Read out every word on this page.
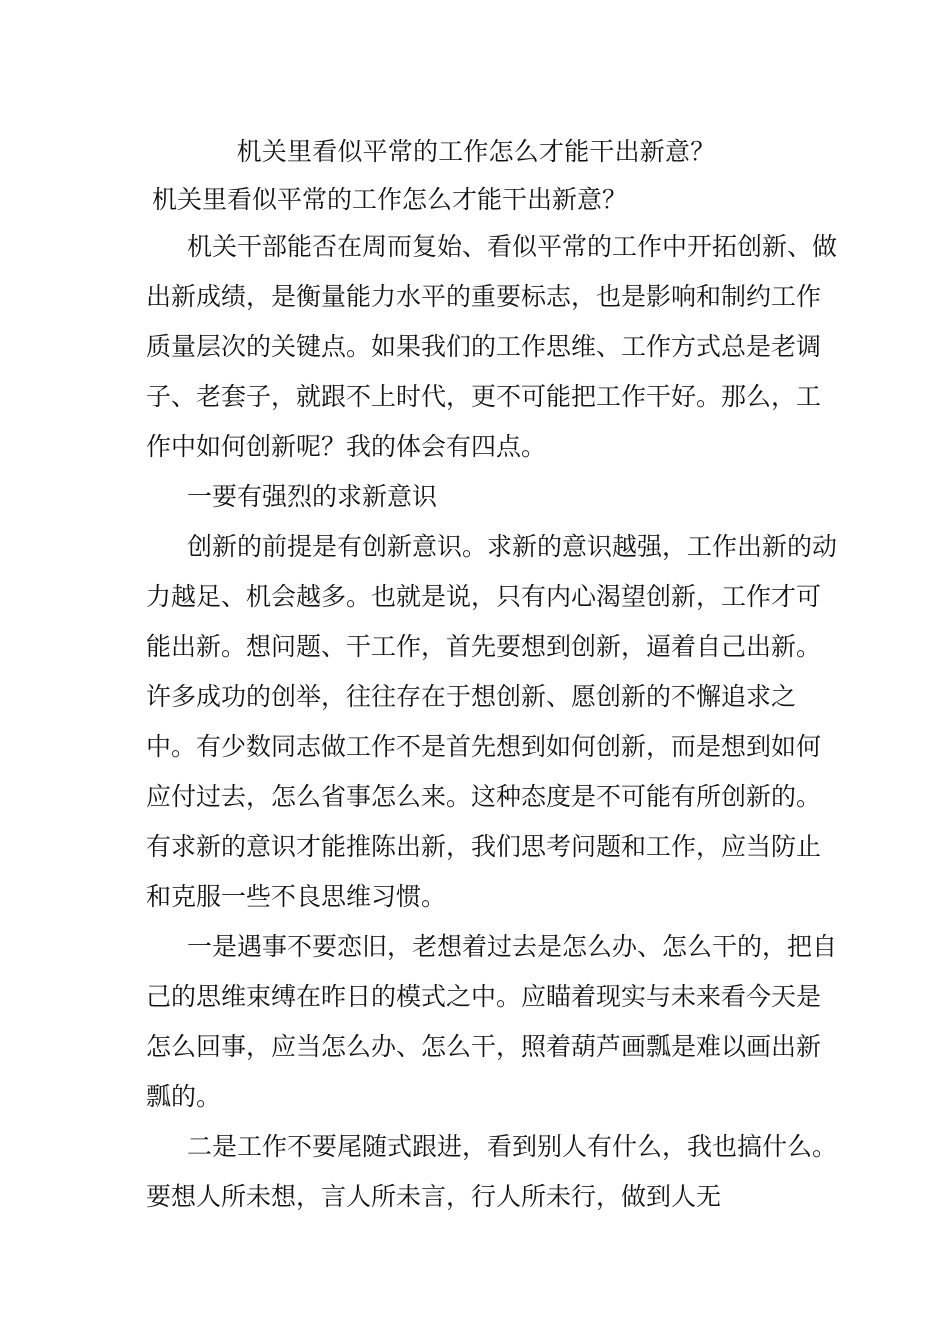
机关里看似平常的工作怎么才能干出新意？
机关里看似平常的工作怎么才能干出新意？

机关干部能否在周而复始、看似平常的工作中开拓创新、做出新成绩，是衡量能力水平的重要标志，也是影响和制约工作质量层次的关键点。如果我们的工作思维、工作方式总是老调子、老套子，就跟不上时代，更不可能把工作干好。那么，工作中如何创新呢？我的体会有四点。

一要有强烈的求新意识

创新的前提是有创新意识。求新的意识越强，工作出新的动力越足、机会越多。也就是说，只有内心渴望创新，工作才可能出新。想问题、干工作，首先要想到创新，逼着自己出新。许多成功的创举，往往存在于想创新、愿创新的不懈追求之中。有少数同志做工作不是首先想到如何创新，而是想到如何应付过去，怎么省事怎么来。这种态度是不可能有所创新的。有求新的意识才能推陈出新，我们思考问题和工作，应当防止和克服一些不良思维习惯。

一是遇事不要恋旧，老想着过去是怎么办、怎么干的，把自己的思维束缚在昨日的模式之中。应瞄着现实与未来看今天是怎么回事，应当怎么办、怎么干，照着葫芦画瓢是难以画出新瓢的。

二是工作不要尾随式跟进，看到别人有什么，我也搞什么。要想人所未想，言人所未言，行人所未行，做到人无
